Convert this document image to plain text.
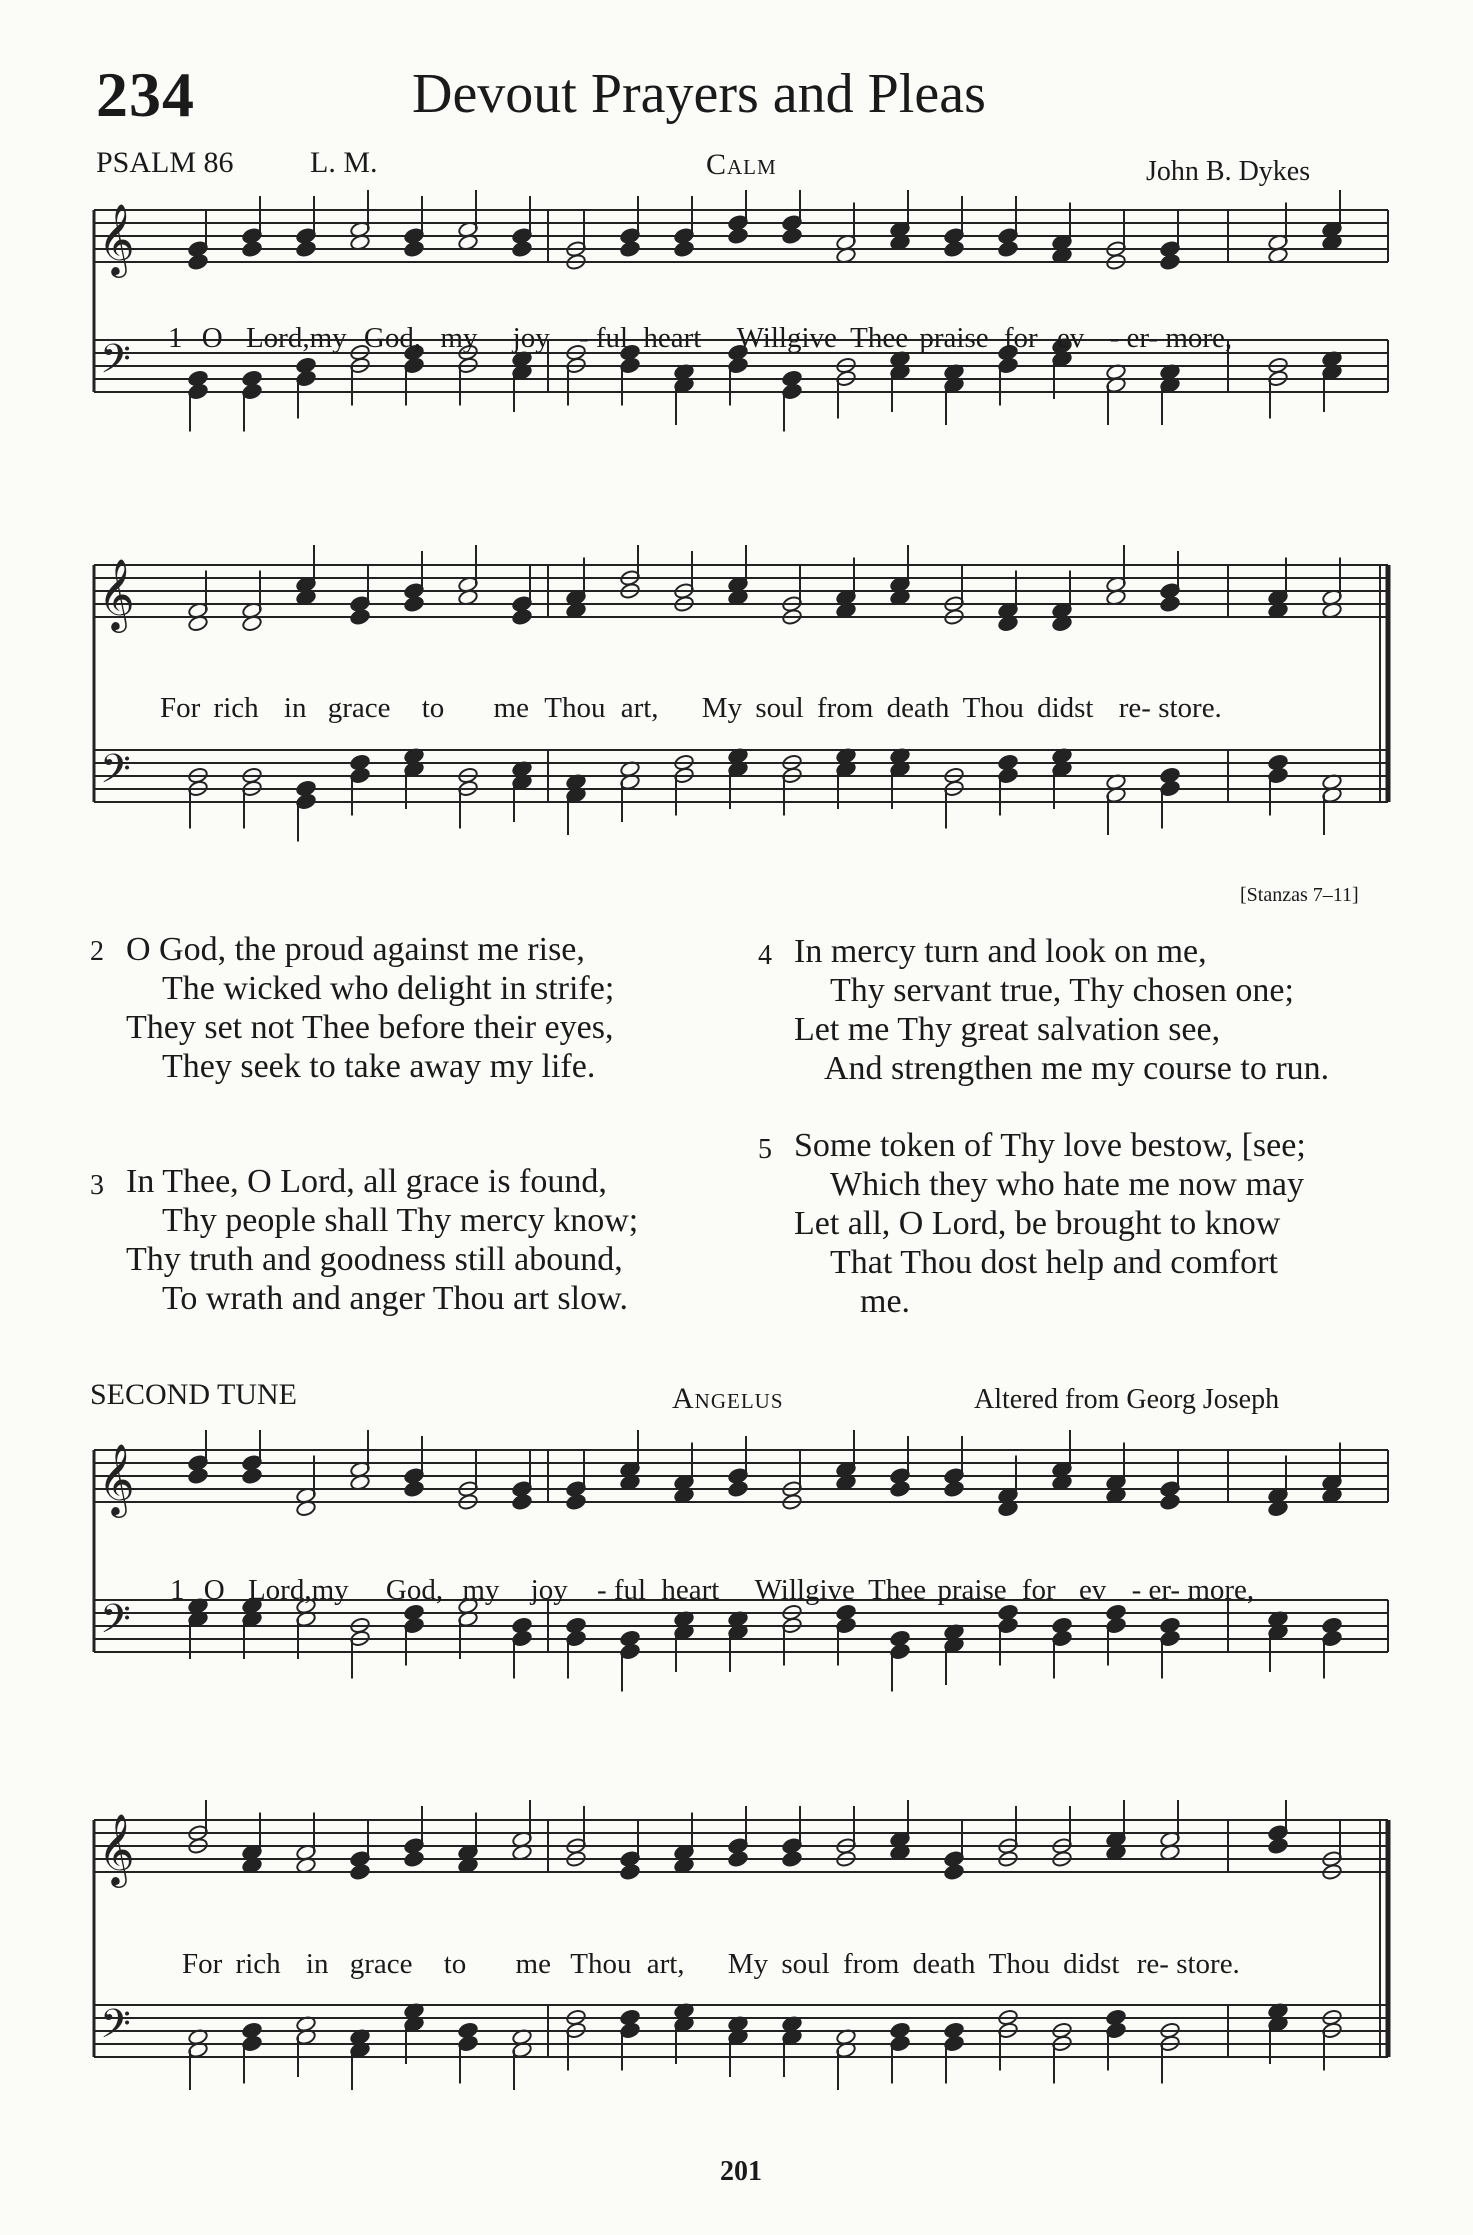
234	Devout Prayers and Pleas
PSALM 86	L. M.	Calm	John B. Dykes
𝄞
𝄢 1 O Lord,my God, my joy - ful heart Willgive Thee praise for ev - er- more,
𝄞
𝄢
For rich in grace to me Thou art, My soul from death Thou didst re- store.
[Stanzas 7–11]
2 O God, the proud against me rise,
The wicked who delight in strife;
They set not Thee before their eyes,
They seek to take away my life.
3 In Thee, O Lord, all grace is found,
Thy people shall Thy mercy know;
Thy truth and goodness still abound,
To wrath and anger Thou art slow.
4 In mercy turn and look on me,
Thy servant true, Thy chosen one;
Let me Thy great salvation see,
And strengthen me my course to run.
5 Some token of Thy love bestow, [see;
Which they who hate me now may
Let all, O Lord, be brought to know
That Thou dost help and comfort
me.
SECOND TUNE	Angelus	Altered from Georg Joseph
𝄞
𝄢
1 O Lord,my God, my joy - ful heart Willgive Thee praise for ev - er- more,
𝄞
𝄢
For rich in grace to me Thou art, My soul from death Thou didst re- store.
201
